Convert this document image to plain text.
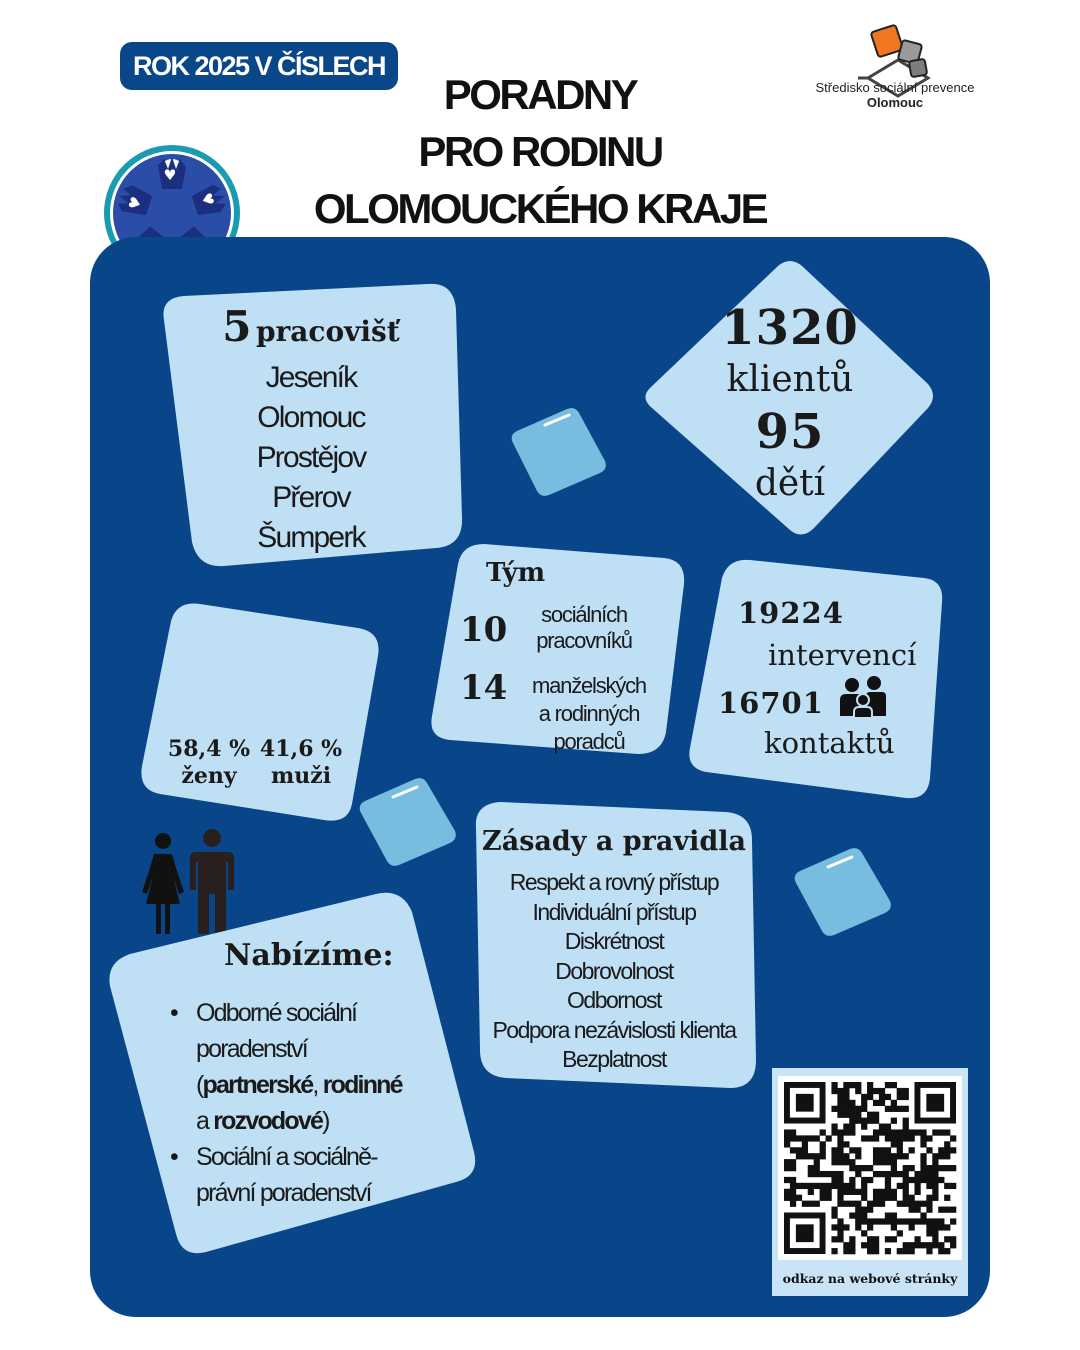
ROK 2025 V ČÍSLECH
PORADNY
PRO RODINU
OLOMOUCKÉHO KRAJE
Středisko sociální prevence
Olomouc
5 pracovišť
Jeseník
Olomouc
Prostějov
Přerov
Šumperk
1320
klientů
95
dětí
Tým
10	sociálních
pracovníků
14	manželských
a rodinných
poradců

58,4 %
ženy
41,6 %
muži
19224
intervencí
16701
kontaktů
Zásady a pravidla
Respekt a rovný přístup
Individuální přístup
Diskrétnost
Dobrovolnost
Odbornost
Podpora nezávislosti klienta
Bezplatnost
Nabízíme:
• Odborné sociální
poradenství
(partnerské, rodinné
a rozvodové)
• Sociální a sociálně-
právní poradenství
odkaz na webové stránky
